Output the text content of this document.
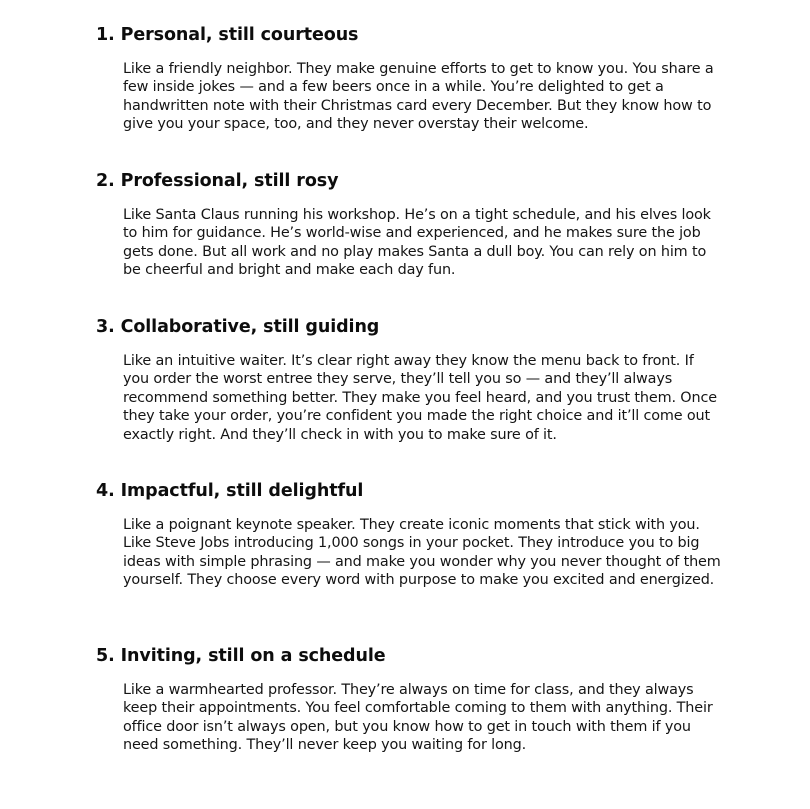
1. Personal, still courteous

Like a friendly neighbor. They make genuine efforts to get to know you. You share a few inside jokes — and a few beers once in a while. You’re delighted to get a handwritten note with their Christmas card every December. But they know how to give you your space, too, and they never overstay their welcome.

2. Professional, still rosy

Like Santa Claus running his workshop. He’s on a tight schedule, and his elves look to him for guidance. He’s world-wise and experienced, and he makes sure the job gets done. But all work and no play makes Santa a dull boy. You can rely on him to be cheerful and bright and make each day fun.

3. Collaborative, still guiding

Like an intuitive waiter. It’s clear right away they know the menu back to front. If you order the worst entree they serve, they’ll tell you so — and they’ll always recommend something better. They make you feel heard, and you trust them. Once they take your order, you’re confident you made the right choice and it’ll come out exactly right. And they’ll check in with you to make sure of it.

4. Impactful, still delightful

Like a poignant keynote speaker. They create iconic moments that stick with you. Like Steve Jobs introducing 1,000 songs in your pocket. They introduce you to big ideas with simple phrasing — and make you wonder why you never thought of them yourself. They choose every word with purpose to make you excited and energized.

5. Inviting, still on a schedule

Like a warmhearted professor. They’re always on time for class, and they always keep their appointments. You feel comfortable coming to them with anything. Their office door isn’t always open, but you know how to get in touch with them if you need something. They’ll never keep you waiting for long.
